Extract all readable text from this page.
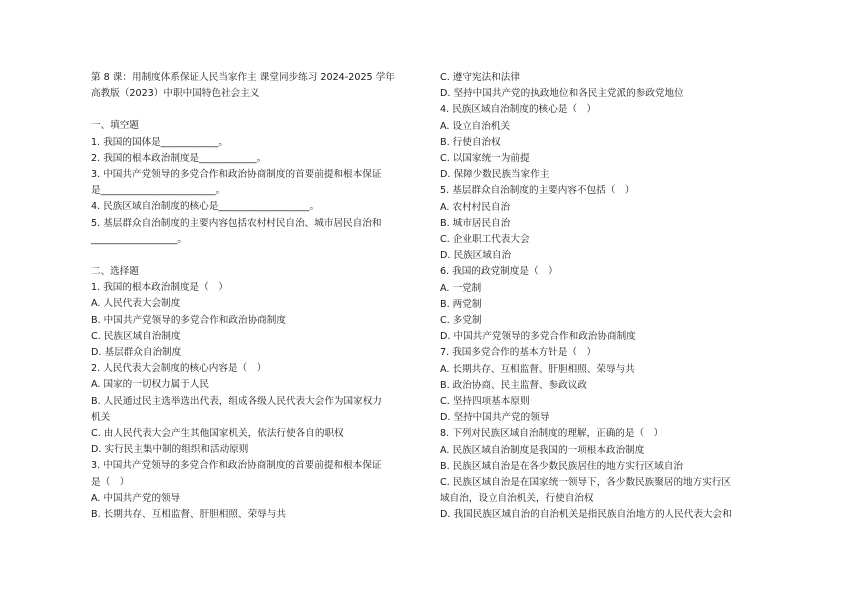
第 8 课：用制度体系保证人民当家作主 课堂同步练习 2024-2025 学年
高教版（2023）中职中国特色社会主义
一、填空题
1. 我国的国体是____________。
2. 我国的根本政治制度是____________。
3. 中国共产党领导的多党合作和政治协商制度的首要前提和根本保证
是________________________。
4. 民族区域自治制度的核心是___________________。
5. 基层群众自治制度的主要内容包括农村村民自治、城市居民自治和
__________________。
二、选择题
1. 我国的根本政治制度是（　）
A. 人民代表大会制度
B. 中国共产党领导的多党合作和政治协商制度
C. 民族区域自治制度
D. 基层群众自治制度
2. 人民代表大会制度的核心内容是（　）
A. 国家的一切权力属于人民
B. 人民通过民主选举选出代表，组成各级人民代表大会作为国家权力
机关
C. 由人民代表大会产生其他国家机关，依法行使各自的职权
D. 实行民主集中制的组织和活动原则
3. 中国共产党领导的多党合作和政治协商制度的首要前提和根本保证
是（　）
A. 中国共产党的领导
B. 长期共存、互相监督、肝胆相照、荣辱与共
C. 遵守宪法和法律
D. 坚持中国共产党的执政地位和各民主党派的参政党地位
4. 民族区域自治制度的核心是（　）
A. 设立自治机关
B. 行使自治权
C. 以国家统一为前提
D. 保障少数民族当家作主
5. 基层群众自治制度的主要内容不包括（　）
A. 农村村民自治
B. 城市居民自治
C. 企业职工代表大会
D. 民族区域自治
6. 我国的政党制度是（　）
A. 一党制
B. 两党制
C. 多党制
D. 中国共产党领导的多党合作和政治协商制度
7. 我国多党合作的基本方针是（　）
A. 长期共存、互相监督、肝胆相照、荣辱与共
B. 政治协商、民主监督、参政议政
C. 坚持四项基本原则
D. 坚持中国共产党的领导
8. 下列对民族区域自治制度的理解，正确的是（　）
A. 民族区域自治制度是我国的一项根本政治制度
B. 民族区域自治是在各少数民族居住的地方实行区域自治
C. 民族区域自治是在国家统一领导下，各少数民族聚居的地方实行区
域自治，设立自治机关，行使自治权
D. 我国民族区域自治的自治机关是指民族自治地方的人民代表大会和
